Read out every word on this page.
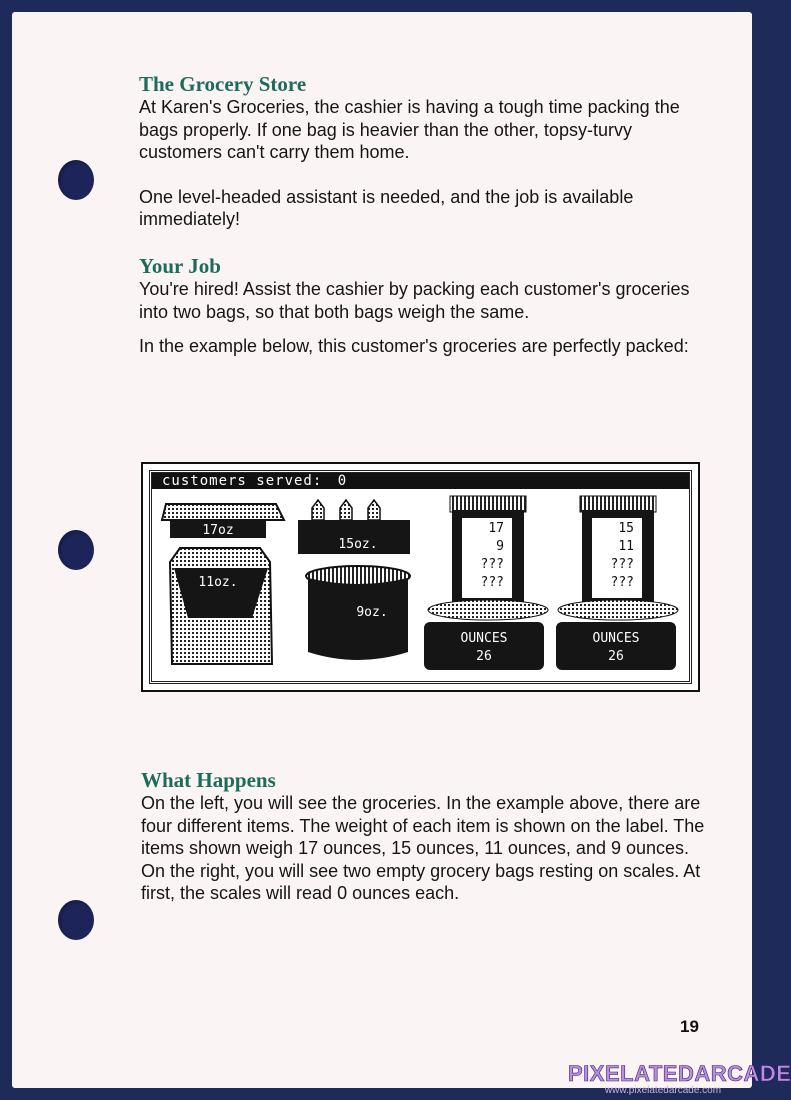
The Grocery Store

At Karen's Groceries, the cashier is having a tough time packing the bags properly. If one bag is heavier than the other, topsy-turvy customers can't carry them home.

One level-headed assistant is needed, and the job is available immediately!

Your Job

You're hired! Assist the cashier by packing each customer's groceries into two bags, so that both bags weigh the same.

In the example below, this customer's groceries are perfectly packed:

customers served: 0
17oz
15oz.
11oz.
9oz.
17
9
???
???
OUNCES
26
15
11
???
???
OUNCES
26
What Happens

On the left, you will see the groceries. In the example above, there are four different items. The weight of each item is shown on the label. The items shown weigh 17 ounces, 15 ounces, 11 ounces, and 9 ounces. On the right, you will see two empty grocery bags resting on scales. At first, the scales will read 0 ounces each.

19
PIXELATEDARCADE
www.pixelatedarcade.com
